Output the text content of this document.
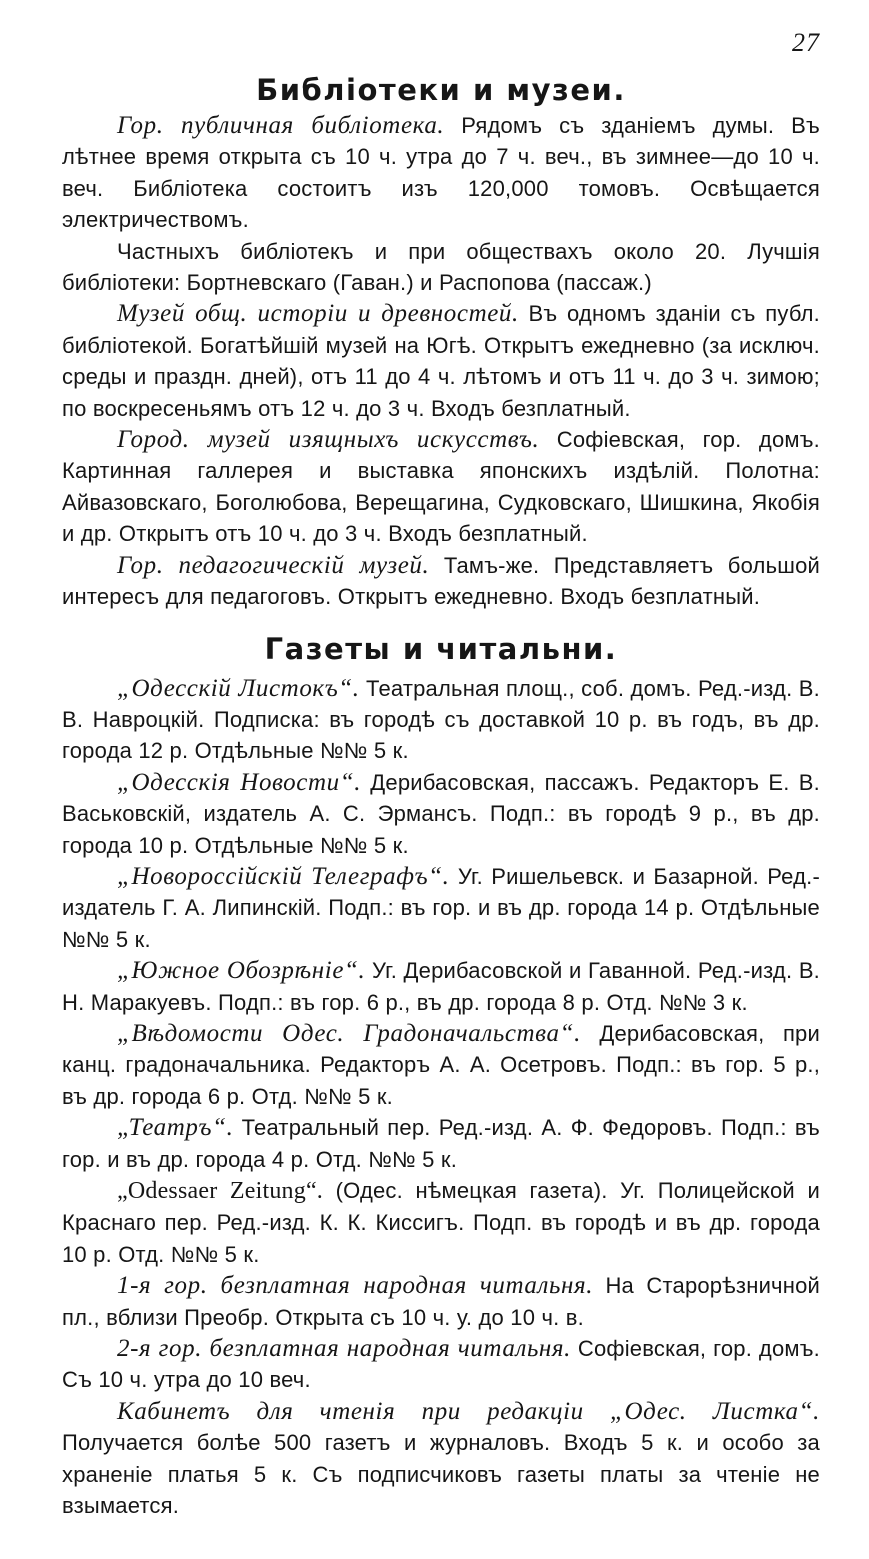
27
Библіотеки и музеи.

Гор. публичная библіотека. Рядомъ съ зданіемъ думы. Въ лѣтнее время открыта съ 10 ч. утра до 7 ч. веч., въ зимнее—до 10 ч. веч. Библіотека состоитъ изъ 120,000 томовъ. Освѣщается электричествомъ.

Частныхъ библіотекъ и при обществахъ около 20. Лучшія библіотеки: Бортневскаго (Гаван.) и Распопова (пассаж.)

Музей общ. исторіи и древностей. Въ одномъ зданіи съ публ. библіотекой. Богатѣйшій музей на Югѣ. Открытъ ежедневно (за исключ. среды и праздн. дней), отъ 11 до 4 ч. лѣтомъ и отъ 11 ч. до 3 ч. зимою; по воскресеньямъ отъ 12 ч. до 3 ч. Входъ безплатный.

Город. музей изящныхъ искусствъ. Софіевская, гор. домъ. Картинная галлерея и выставка японскихъ издѣлій. Полотна: Айвазовскаго, Боголюбова, Верещагина, Судковскаго, Шишкина, Якобія и др. Открытъ отъ 10 ч. до 3 ч. Входъ безплатный.

Гор. педагогическій музей. Тамъ-же. Представляетъ большой интересъ для педагоговъ. Открытъ ежедневно. Входъ безплатный.

Газеты и читальни.

„Одесскій Листокъ“. Театральная площ., соб. домъ. Ред.-изд. В. В. Навроцкій. Подписка: въ городѣ съ доставкой 10 р. въ годъ, въ др. города 12 р. Отдѣльные №№ 5 к.

„Одесскія Новости“. Дерибасовская, пассажъ. Редакторъ Е. В. Васьковскій, издатель А. С. Эрмансъ. Подп.: въ городѣ 9 р., въ др. города 10 р. Отдѣльные №№ 5 к.

„Новороссійскій Телеграфъ“. Уг. Ришельевск. и Базарной. Ред.-издатель Г. А. Липинскій. Подп.: въ гор. и въ др. города 14 р. Отдѣльные №№ 5 к.

„Южное Обозрѣніе“. Уг. Дерибасовской и Гаванной. Ред.-изд. В. Н. Маракуевъ. Подп.: въ гор. 6 р., въ др. города 8 р. Отд. №№ 3 к.

„Вѣдомости Одес. Градоначальства“. Дерибасовская, при канц. градоначальника. Редакторъ А. А. Осетровъ. Подп.: въ гор. 5 р., въ др. города 6 р. Отд. №№ 5 к.

„Театръ“. Театральный пер. Ред.-изд. А. Ф. Федоровъ. Подп.: въ гор. и въ др. города 4 р. Отд. №№ 5 к.

„Odessaer Zeitung“. (Одес. нѣмецкая газета). Уг. Полицейской и Краснаго пер. Ред.-изд. К. К. Киссигъ. Подп. въ городѣ и въ др. города 10 р. Отд. №№ 5 к.

1-я гор. безплатная народная читальня. На Старорѣзничной пл., вблизи Преобр. Открыта съ 10 ч. у. до 10 ч. в.

2-я гор. безплатная народная читальня. Софіевская, гор. домъ. Съ 10 ч. утра до 10 веч.

Кабинетъ для чтенія при редакціи „Одес. Листка“. Получается болѣе 500 газетъ и журналовъ. Входъ 5 к. и особо за храненіе платья 5 к. Съ подписчиковъ газеты платы за чтеніе не взымается.
